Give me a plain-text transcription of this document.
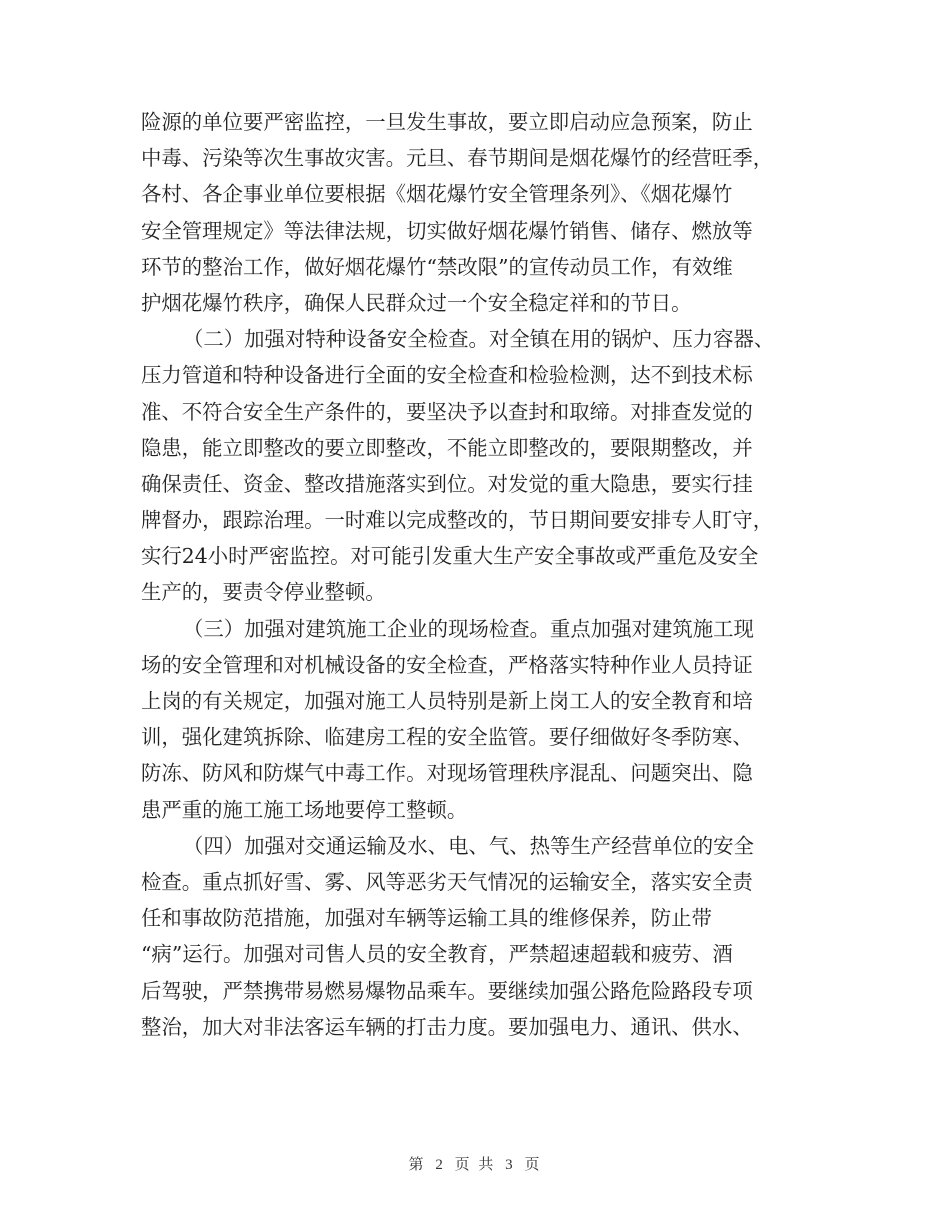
险源的单位要严密监控，一旦发生事故，要立即启动应急预案，防止
中毒、污染等次生事故灾害。元旦、春节期间是烟花爆竹的经营旺季，
各村、各企事业单位要根据《烟花爆竹安全管理条列》、《烟花爆竹
安全管理规定》等法律法规，切实做好烟花爆竹销售、储存、燃放等
环节的整治工作，做好烟花爆竹“禁改限”的宣传动员工作，有效维
护烟花爆竹秩序，确保人民群众过一个安全稳定祥和的节日。
（二）加强对特种设备安全检查。对全镇在用的锅炉、压力容器、
压力管道和特种设备进行全面的安全检查和检验检测，达不到技术标
准、不符合安全生产条件的，要坚决予以查封和取缔。对排查发觉的
隐患，能立即整改的要立即整改，不能立即整改的，要限期整改，并
确保责任、资金、整改措施落实到位。对发觉的重大隐患，要实行挂
牌督办，跟踪治理。一时难以完成整改的，节日期间要安排专人盯守，
实行24小时严密监控。对可能引发重大生产安全事故或严重危及安全
生产的，要责令停业整顿。
（三）加强对建筑施工企业的现场检查。重点加强对建筑施工现
场的安全管理和对机械设备的安全检查，严格落实特种作业人员持证
上岗的有关规定，加强对施工人员特别是新上岗工人的安全教育和培
训，强化建筑拆除、临建房工程的安全监管。要仔细做好冬季防寒、
防冻、防风和防煤气中毒工作。对现场管理秩序混乱、问题突出、隐
患严重的施工施工场地要停工整顿。
（四）加强对交通运输及水、电、气、热等生产经营单位的安全
检查。重点抓好雪、雾、风等恶劣天气情况的运输安全，落实安全责
任和事故防范措施，加强对车辆等运输工具的维修保养，防止带
“病”运行。加强对司售人员的安全教育，严禁超速超载和疲劳、酒
后驾驶，严禁携带易燃易爆物品乘车。要继续加强公路危险路段专项
整治，加大对非法客运车辆的打击力度。要加强电力、通讯、供水、
第 2 页 共 3 页
